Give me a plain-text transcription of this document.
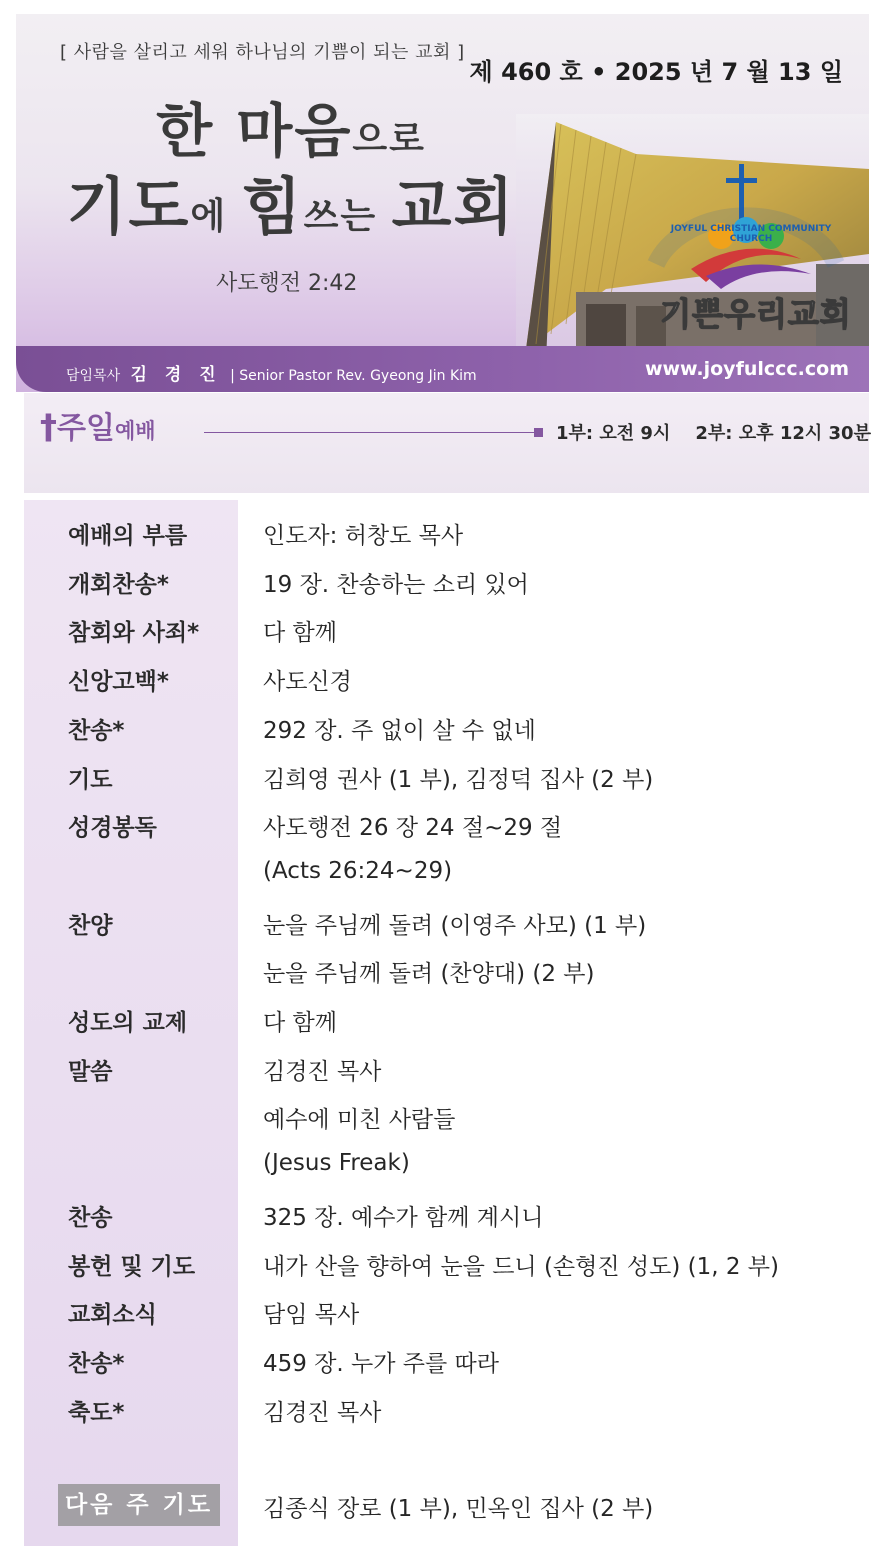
[ 사람을 살리고 세워 하나님의 기쁨이 되는 교회 ]
제 460 호 • 2025 년 7 월 13 일
한 마음으로
기도에 힘쓰는 교회
사도행전 2:42
JOYFUL CHRISTIAN COMMUNITY CHURCH
기쁜우리교회
담임목사 김 경 진 | Senior Pastor Rev. Gyeong Jin Kim	www.joyfulccc.com
†주일예배	1부: 오전 9시    2부: 오후 12시 30분
예배의 부름	인도자: 허창도 목사
개회찬송*	19 장. 찬송하는 소리 있어
참회와 사죄*	다 함께
신앙고백*	사도신경
찬송*	292 장. 주 없이 살 수 없네
기도	김희영 권사 (1 부), 김정덕 집사 (2 부)
성경봉독	사도행전 26 장 24 절~29 절
(Acts 26:24~29)
찬양	눈을 주님께 돌려 (이영주 사모) (1 부)
눈을 주님께 돌려 (찬양대) (2 부)
성도의 교제	다 함께
말씀	김경진 목사
예수에 미친 사람들
(Jesus Freak)
찬송	325 장. 예수가 함께 계시니
봉헌 및 기도	내가 산을 향하여 눈을 드니 (손형진 성도) (1, 2 부)
교회소식	담임 목사
찬송*	459 장. 누가 주를 따라
축도*	김경진 목사
다음 주 기도	김종식 장로 (1 부), 민옥인 집사 (2 부)
